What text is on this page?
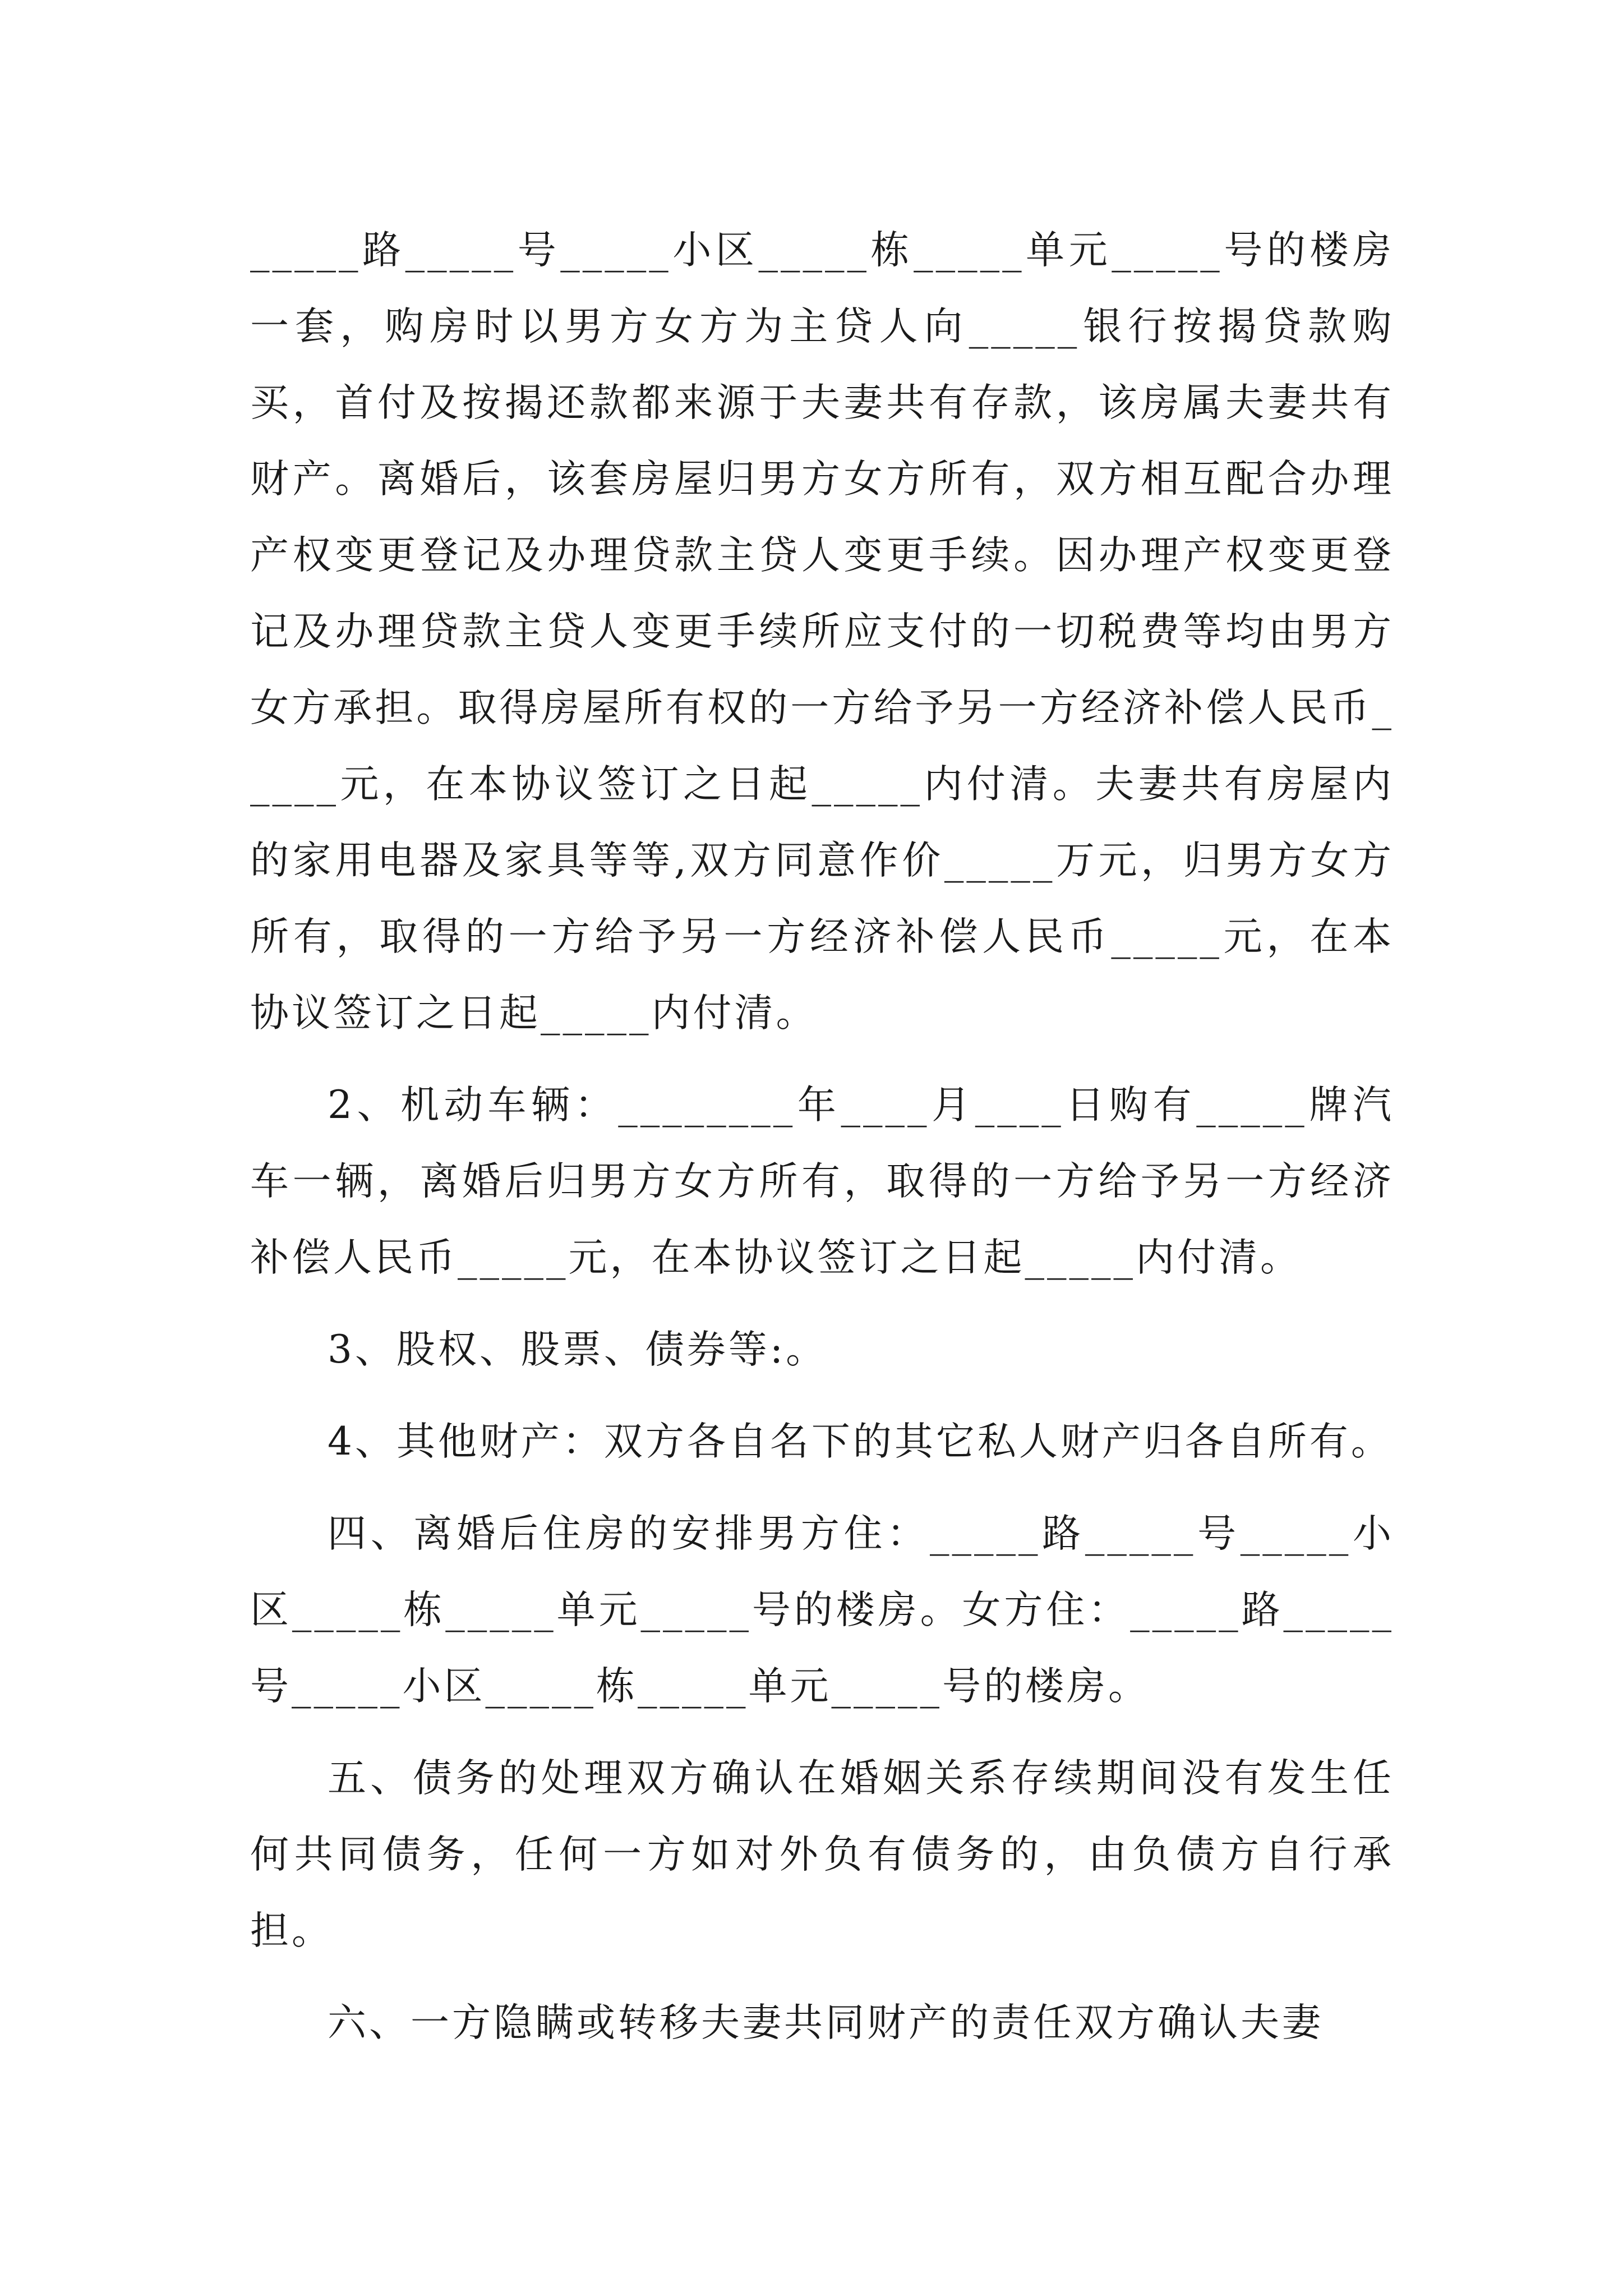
_____路_____号_____小区_____栋_____单元_____号的楼房一套，购房时以男方女方为主贷人向_____银行按揭贷款购买，首付及按揭还款都来源于夫妻共有存款，该房属夫妻共有财产。离婚后，该套房屋归男方女方所有，双方相互配合办理产权变更登记及办理贷款主贷人变更手续。因办理产权变更登记及办理贷款主贷人变更手续所应支付的一切税费等均由男方女方承担。取得房屋所有权的一方给予另一方经济补偿人民币_____元，在本协议签订之日起_____内付清。夫妻共有房屋内的家用电器及家具等等,双方同意作价_____万元，归男方女方所有，取得的一方给予另一方经济补偿人民币_____元，在本协议签订之日起_____内付清。

2、机动车辆：________年____月____日购有_____牌汽车一辆，离婚后归男方女方所有，取得的一方给予另一方经济补偿人民币_____元，在本协议签订之日起_____内付清。

3、股权、股票、债券等:。

4、其他财产：双方各自名下的其它私人财产归各自所有。

四、离婚后住房的安排男方住：_____路_____号_____小区_____栋_____单元_____号的楼房。女方住：_____路_____号_____小区_____栋_____单元_____号的楼房。

五、债务的处理双方确认在婚姻关系存续期间没有发生任何共同债务，任何一方如对外负有债务的，由负债方自行承担。

六、一方隐瞒或转移夫妻共同财产的责任双方确认夫妻
